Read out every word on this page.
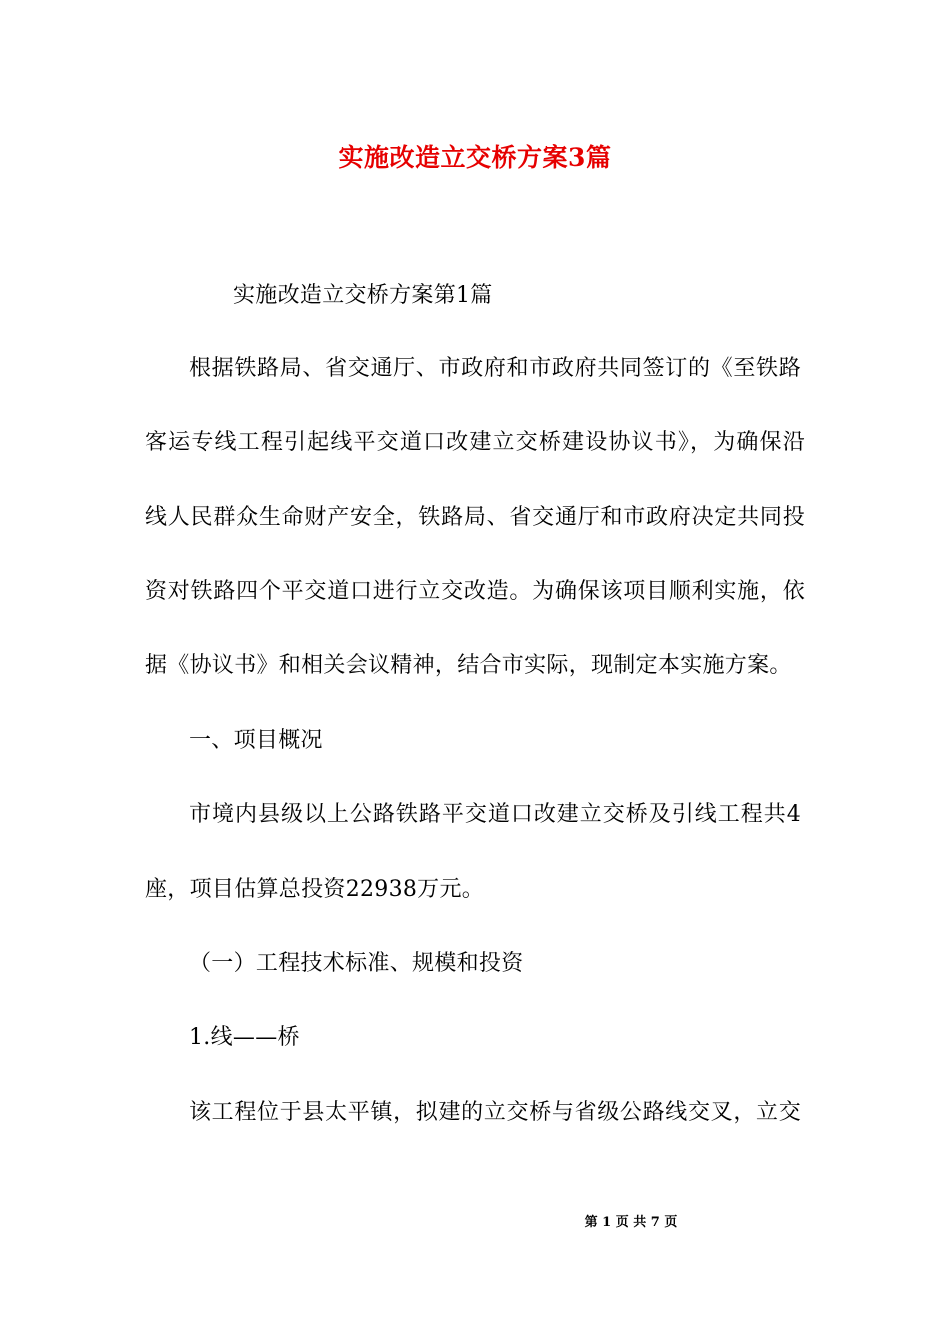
实施改造立交桥方案3篇
实施改造立交桥方案第1篇
根据铁路局、省交通厅、市政府和市政府共同签订的《至铁路
客运专线工程引起线平交道口改建立交桥建设协议书》，为确保沿
线人民群众生命财产安全，铁路局、省交通厅和市政府决定共同投
资对铁路四个平交道口进行立交改造。为确保该项目顺利实施，依
据《协议书》和相关会议精神，结合市实际，现制定本实施方案。
一、项目概况
市境内县级以上公路铁路平交道口改建立交桥及引线工程共4
座，项目估算总投资22938万元。
（一）工程技术标准、规模和投资
1.线——桥
该工程位于县太平镇，拟建的立交桥与省级公路线交叉，立交
第 1 页 共 7 页
